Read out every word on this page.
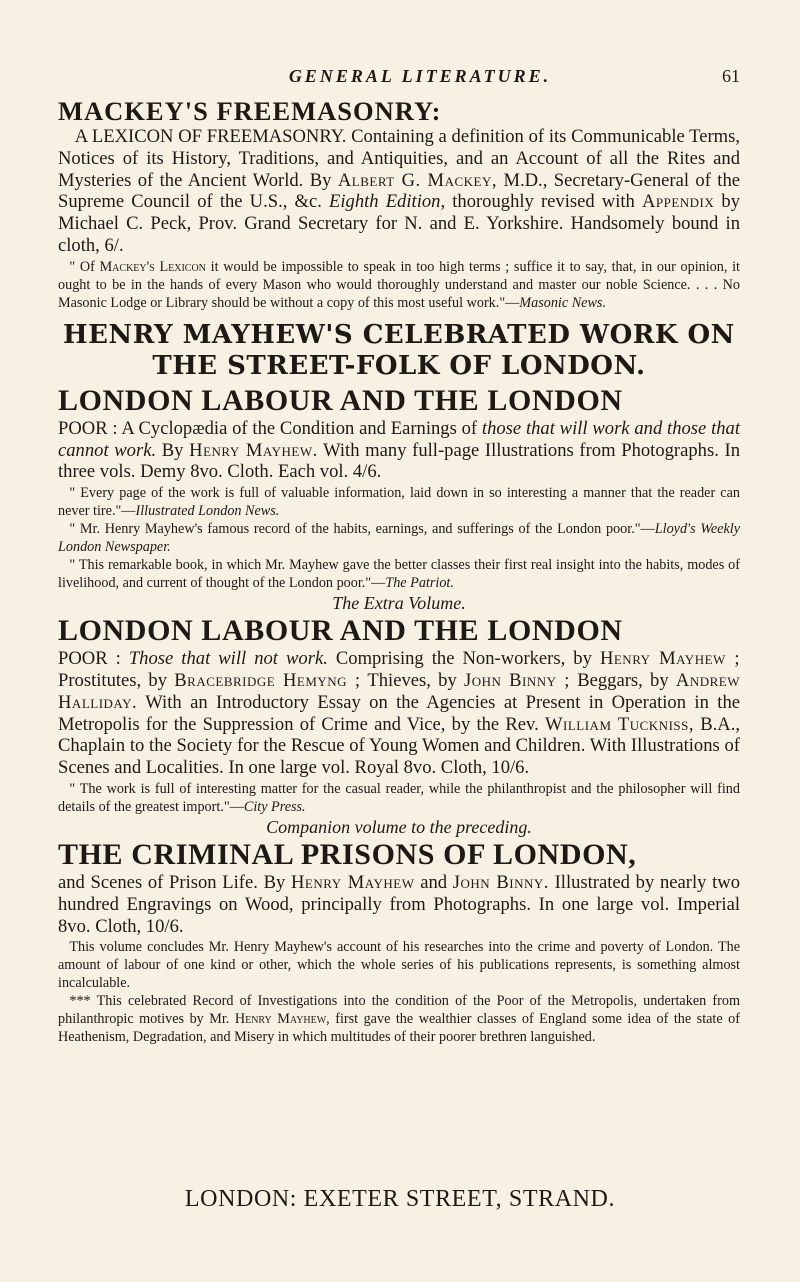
GENERAL LITERATURE.	61
MACKEY'S FREEMASONRY:

A LEXICON OF FREEMASONRY. Containing a definition of its Communicable Terms, Notices of its History, Traditions, and Antiquities, and an Account of all the Rites and Mysteries of the Ancient World. By Albert G. Mackey, M.D., Secretary-General of the Supreme Council of the U.S., &c. Eighth Edition, thoroughly revised with Appendix by Michael C. Peck, Prov. Grand Secretary for N. and E. Yorkshire. Handsomely bound in cloth, 6/.

" Of Mackey's Lexicon it would be impossible to speak in too high terms ; suffice it to say, that, in our opinion, it ought to be in the hands of every Mason who would thoroughly understand and master our noble Science. . . . No Masonic Lodge or Library should be without a copy of this most useful work."—Masonic News.

HENRY MAYHEW'S CELEBRATED WORK ON

THE STREET-FOLK OF LONDON.

LONDON LABOUR AND THE LONDON

POOR : A Cyclopædia of the Condition and Earnings of those that will work and those that cannot work. By Henry Mayhew. With many full-page Illustrations from Photographs. In three vols. Demy 8vo. Cloth. Each vol. 4/6.

" Every page of the work is full of valuable information, laid down in so interesting a manner that the reader can never tire."—Illustrated London News.

" Mr. Henry Mayhew's famous record of the habits, earnings, and sufferings of the London poor."—Lloyd's Weekly London Newspaper.

" This remarkable book, in which Mr. Mayhew gave the better classes their first real insight into the habits, modes of livelihood, and current of thought of the London poor."—The Patriot.

The Extra Volume.

LONDON LABOUR AND THE LONDON

POOR : Those that will not work. Comprising the Non-workers, by Henry Mayhew ; Prostitutes, by Bracebridge Hemyng ; Thieves, by John Binny ; Beggars, by Andrew Halliday. With an Introductory Essay on the Agencies at Present in Operation in the Metropolis for the Suppression of Crime and Vice, by the Rev. William Tuckniss, B.A., Chaplain to the Society for the Rescue of Young Women and Children. With Illustrations of Scenes and Localities. In one large vol. Royal 8vo. Cloth, 10/6.

" The work is full of interesting matter for the casual reader, while the philanthropist and the philosopher will find details of the greatest import."—City Press.

Companion volume to the preceding.

THE CRIMINAL PRISONS OF LONDON,

and Scenes of Prison Life. By Henry Mayhew and John Binny. Illustrated by nearly two hundred Engravings on Wood, principally from Photographs. In one large vol. Imperial 8vo. Cloth, 10/6.

This volume concludes Mr. Henry Mayhew's account of his researches into the crime and poverty of London. The amount of labour of one kind or other, which the whole series of his publications represents, is something almost incalculable.

*** This celebrated Record of Investigations into the condition of the Poor of the Metropolis, undertaken from philanthropic motives by Mr. Henry Mayhew, first gave the wealthier classes of England some idea of the state of Heathenism, Degradation, and Misery in which multitudes of their poorer brethren languished.

LONDON: EXETER STREET, STRAND.
